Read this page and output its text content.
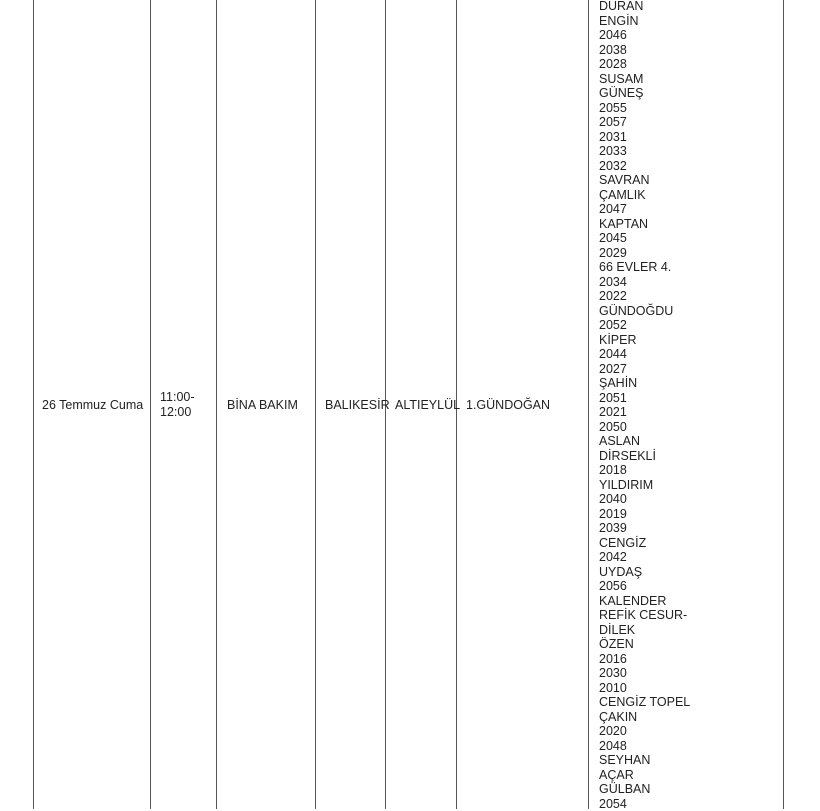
26 Temmuz Cuma
11:00-
12:00	BİNA BAKIM BALIKESİR ALTIEYLÜL 1.GÜNDOĞAN
DURAN
ENGİN
2046
2038
2028
SUSAM
GÜNEŞ
2055
2057
2031
2033
2032
SAVRAN
ÇAMLIK
2047
KAPTAN
2045
2029
66 EVLER 4.
2034
2022
GÜNDOĞDU
2052
KİPER
2044
2027
ŞAHİN
2051
2021
2050
ASLAN
DİRSEKLİ
2018
YILDIRIM
2040
2019
2039
CENGİZ
2042
UYDAŞ
2056
KALENDER
REFİK CESUR-
DİLEK
ÖZEN
2016
2030
2010
CENGİZ TOPEL
ÇAKIN
2020
2048
SEYHAN
AÇAR
GÜLBAN
2054
